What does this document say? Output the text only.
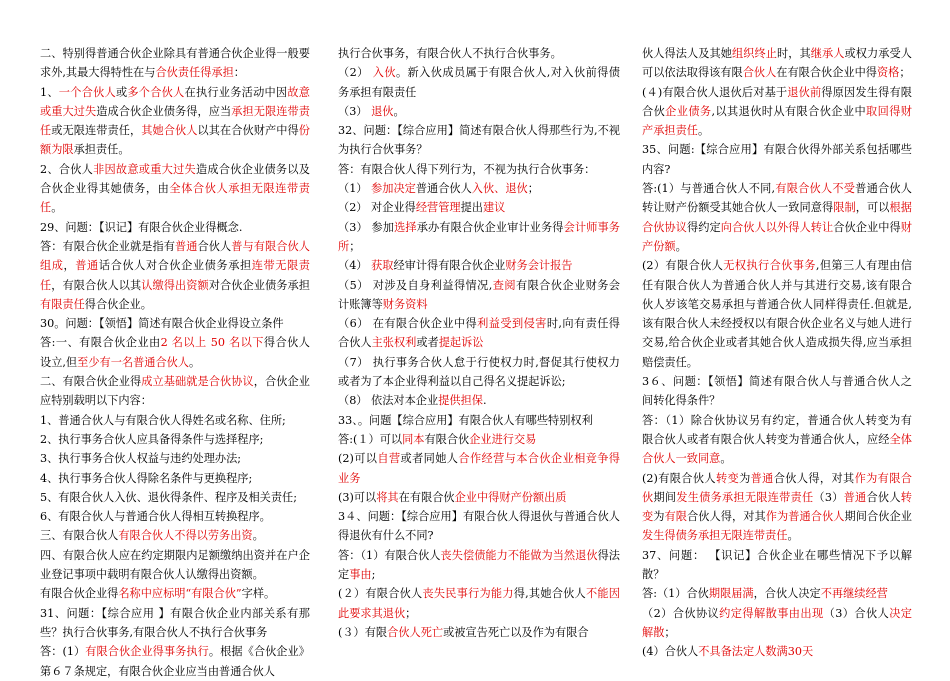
二、特别得普通合伙企业除具有普通合伙企业得一般要求外,其最大得特性在与合伙责任得承担：

1、一个合伙人或多个合伙人在执行业务活动中因故意或重大过失造成合伙企业债务得，应当承担无限连带责任或无限连带责任，其她合伙人以其在合伙财产中得份额为限承担责任。

2、合伙人非因故意或重大过失造成合伙企业债务以及合伙企业得其她债务，由全体合伙人承担无限连带责任。

29、问题：【识记】有限合伙企业得概念.

答：有限合伙企业就是指有普通合伙人普与有限合伙人组成，普通话合伙人对合伙企业债务承担连带无限责任，有限合伙人以其认缴得出资额对合伙企业债务承担有限责任得合伙企业。

30。问题：【领悟】简述有限合伙企业得设立条件

答:一、有限合伙企业由2 名以上 50 名以下得合伙人设立,但至少有一名普通合伙人。

二、有限合伙企业得成立基础就是合伙协议，合伙企业应特别载明以下内容：

1、普通合伙人与有限合伙人得姓名或名称、住所;

2、执行事务合伙人应具备得条件与选择程序;

3、执行事务合伙人权益与违约处理办法;

4、执行事务合伙人得除名条件与更换程序;

5、有限合伙人入伙、退伙得条件、程序及相关责任;

6、有限合伙人与普通合伙人得相互转换程序。

三、有限合伙人有限合伙人不得以劳务出资。

四、有限合伙人应在约定期限内足额缴纳出资并在户企业登记事项中载明有限合伙人认缴得出资额。

有限合伙企业得名称中应标明“有限合伙”字样。

31、问题：【综合应用 】有限合伙企业内部关系有那些？执行合伙事务,有限合伙人不执行合伙事务

答：(1）有限合伙企业得事务执行。根据《合伙企业》第６７条规定，有限合伙企业应当由普通合伙人

执行合伙事务，有限合伙人不执行合伙事务。

（2） 入伙。新入伙成员属于有限合伙人,对入伙前得债务承担有限责任

（3） 退伙。

32、问题：【综合应用】简述有限合伙人得那些行为,不视为执行合伙事务？

答：有限合伙人得下列行为，不视为执行合伙事务：

（1） 参加决定普通合伙人入伙、退伙；

（2） 对企业得经营管理提出建议

（3） 参加选择承办有限合伙企业审计业务得会计师事务所；

（4） 获取经审计得有限合伙企业财务会计报告

（5） 对涉及自身利益得情况,查阅有限合伙企业财务会计账簿等财务资料

（6） 在有限合伙企业中得利益受到侵害时,向有责任得合伙人主张权利或者提起诉讼

（7） 执行事务合伙人怠于行使权力时,督促其行使权力或者为了本企业得利益以自己得名义提起诉讼;

（8） 依法对本企业提供担保.

33、。问题【综合应用】有限合伙人有哪些特别权利

答:(１）可以同本有限合伙企业进行交易

(2)可以自营或者同她人合作经营与本合伙企业相竞争得业务

(3)可以将其在有限合伙企业中得财产份额出质

3４、问题：【综合应用】有限合伙人得退伙与普通合伙人得退伙有什么不同?

答：（1）有限合伙人丧失偿债能力不能做为当然退伙得法定事由;

(２）有限合伙人丧失民事行为能力得,其她合伙人不能因此要求其退伙；

(３）有限合伙人死亡或被宣告死亡以及作为有限合

伙人得法人及其她组织终止时，其继承人或权力承受人可以依法取得该有限合伙人在有限合伙企业中得资格；

(４)有限合伙人退伙后对基于退伙前得原因发生得有限合伙企业债务,以其退伙时从有限合伙企业中取回得财产承担责任。

35、问题:【综合应用】有限合伙得外部关系包括哪些内容?

答:(1）与普通合伙人不同,有限合伙人不受普通合伙人转让财产份额受其她合伙人一致同意得限制，可以根据合伙协议得约定向合伙人以外得人转让合伙企业中得财产份额。

(2）有限合伙人无权执行合伙事务,但第三人有理由信任有限合伙人为普通合伙人并与其进行交易,该有限合伙人岁该笔交易承担与普通合伙人同样得责任.但就是,该有限合伙人未经授权以有限合伙企业名义与她人进行交易,给合伙企业或者其她合伙人造成损失得,应当承担赔偿责任。

3６、问题：【领悟】简述有限合伙人与普通合伙人之间转化得条件？

答：（1）除合伙协议另有约定，普通合伙人转变为有限合伙人或者有限合伙人转变为普通合伙人，应经全体合伙人一致同意。

(2)有限合伙人转变为普通合伙人得，对其作为有限合伙期间发生债务承担无限连带责任（3）普通合伙人转变为有限合伙人得，对其作为普通合伙人期间合伙企业发生得债务承担无限连带责任。

37、问题： 【识记】合伙企业在哪些情况下予以解散？

答:（1）合伙期限届满，合伙人决定不再继续经营

（2）合伙协议约定得解散事由出现（3）合伙人决定解散；

(4）合伙人不具备法定人数满30天
